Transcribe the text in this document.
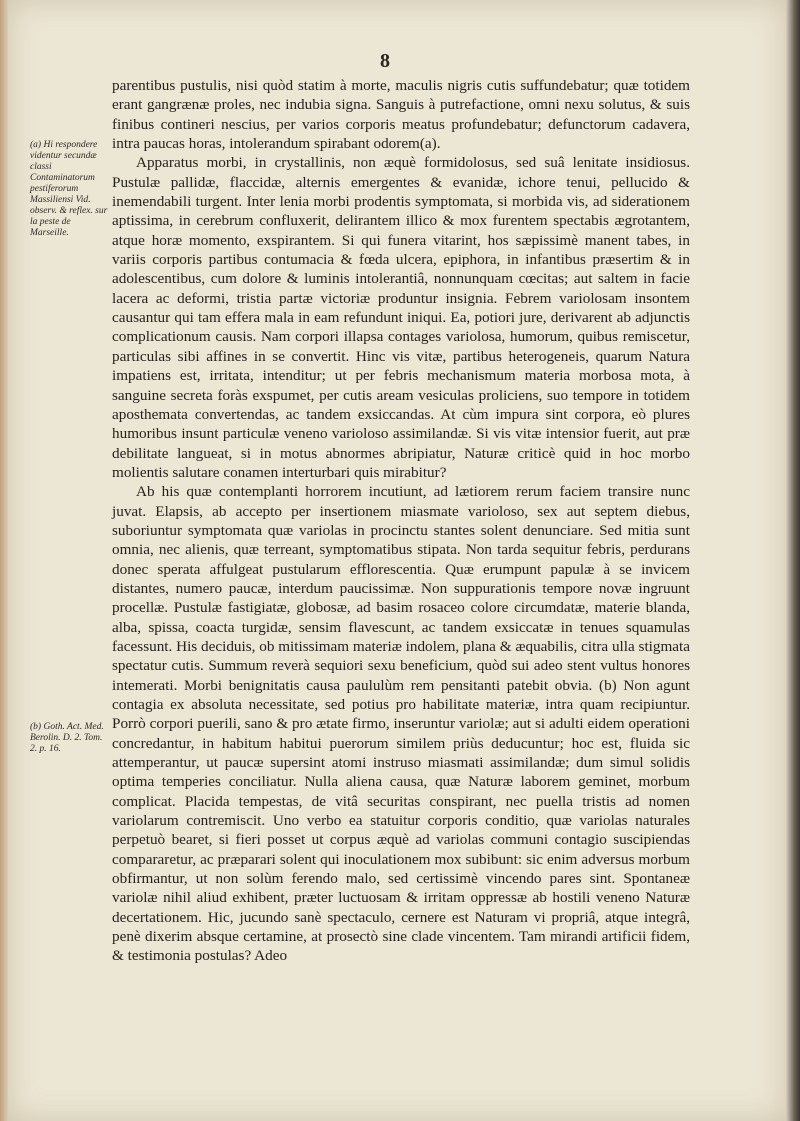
8
(a) Hi respondere videntur secundæ classi Contaminatorum pestiferorum Massiliensi Vid. observ. & reflex. sur la peste de Marseille.
(b) Goth. Act. Med. Berolin. D. 2. Tom. 2. p. 16.

parentibus pustulis, nisi quòd statim à morte, maculis nigris cutis suffundebatur; quæ totidem erant gangrænæ proles, nec indubia signa. Sanguis à putrefactione, omni nexu solutus, & suis finibus contineri nescius, per varios corporis meatus profundebatur; defunctorum cadavera, intra paucas horas, intolerandum spirabant odorem(a).

Apparatus morbi, in crystallinis, non æquè formidolosus, sed suâ lenitate insidiosus. Pustulæ pallidæ, flaccidæ, alternis emergentes & evanidæ, ichore tenui, pellucido & inemendabili turgent. Inter lenia morbi prodentis symptomata, si morbida vis, ad siderationem aptissima, in cerebrum confluxerit, delirantem illico & mox furentem spectabis ægrotantem, atque horæ momento, exspirantem. Si qui funera vitarint, hos sæpissimè manent tabes, in variis corporis partibus contumacia & fœda ulcera, epiphora, in infantibus præsertim & in adolescentibus, cum dolore & luminis intolerantiâ, nonnunquam cœcitas; aut saltem in facie lacera ac deformi, tristia partæ victoriæ produntur insignia. Febrem variolosam insontem causantur qui tam effera mala in eam refundunt iniqui. Ea, potiori jure, derivarent ab adjunctis complicationum causis. Nam corpori illapsa contages variolosa, humorum, quibus remiscetur, particulas sibi affines in se convertit. Hinc vis vitæ, partibus heterogeneis, quarum Natura impatiens est, irritata, intenditur; ut per febris mechanismum materia morbosa mota, à sanguine secreta foràs exspumet, per cutis aream vesiculas proliciens, suo tempore in totidem aposthemata convertendas, ac tandem exsiccandas. At cùm impura sint corpora, eò plures humoribus insunt particulæ veneno varioloso assimilandæ. Si vis vitæ intensior fuerit, aut præ debilitate langueat, si in motus abnormes abripiatur, Naturæ criticè quid in hoc morbo molientis salutare conamen interturbari quis mirabitur?

Ab his quæ contemplanti horrorem incutiunt, ad lætiorem rerum faciem transire nunc juvat. Elapsis, ab accepto per insertionem miasmate varioloso, sex aut septem diebus, suboriuntur symptomata quæ variolas in procinctu stantes solent denunciare. Sed mitia sunt omnia, nec alienis, quæ terreant, symptomatibus stipata. Non tarda sequitur febris, perdurans donec sperata affulgeat pustularum efflorescentia. Quæ erumpunt papulæ à se invicem distantes, numero paucæ, interdum paucissimæ. Non suppurationis tempore novæ ingruunt procellæ. Pustulæ fastigiatæ, globosæ, ad basim rosaceo colore circumdatæ, materie blanda, alba, spissa, coacta turgidæ, sensim flavescunt, ac tandem exsiccatæ in tenues squamulas facessunt. His deciduis, ob mitissimam materiæ indolem, plana & æquabilis, citra ulla stigmata spectatur cutis. Summum reverà sequiori sexu beneficium, quòd sui adeo stent vultus honores intemerati. Morbi benignitatis causa paululùm rem pensitanti patebit obvia. (b) Non agunt contagia ex absoluta necessitate, sed potius pro habilitate materiæ, intra quam recipiuntur. Porrò corpori puerili, sano & pro ætate firmo, inseruntur variolæ; aut si adulti eidem operationi concredantur, in habitum habitui puerorum similem priùs deducuntur; hoc est, fluida sic attemperantur, ut paucæ supersint atomi instruso miasmati assimilandæ; dum simul solidis optima temperies conciliatur. Nulla aliena causa, quæ Naturæ laborem geminet, morbum complicat. Placida tempestas, de vitâ securitas conspirant, nec puella tristis ad nomen variolarum contremiscit. Uno verbo ea statuitur corporis conditio, quæ variolas naturales perpetuò bearet, si fieri posset ut corpus æquè ad variolas communi contagio suscipiendas compararetur, ac præparari solent qui inoculationem mox subibunt: sic enim adversus morbum obfirmantur, ut non solùm ferendo malo, sed certissimè vincendo pares sint. Spontaneæ variolæ nihil aliud exhibent, præter luctuosam & irritam oppressæ ab hostili veneno Naturæ decertationem. Hic, jucundo sanè spectaculo, cernere est Naturam vi propriâ, atque integrâ, penè dixerim absque certamine, at prosectò sine clade vincentem. Tam mirandi artificii fidem, & testimonia postulas? Adeo
